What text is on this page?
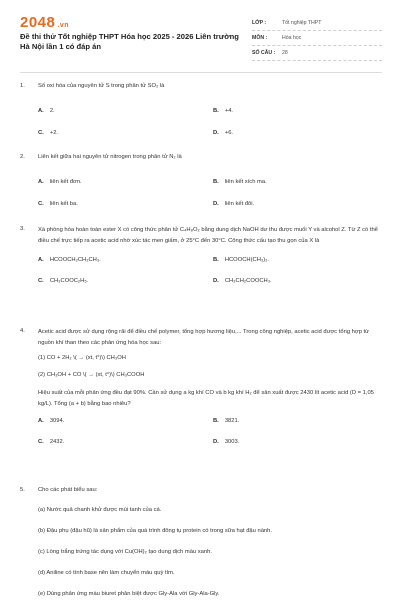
2048 .vn
Đề thi thử Tốt nghiệp THPT Hóa học 2025 - 2026 Liên trường Hà Nội lần 1 có đáp án
LỚP :	Tốt nghiệp THPT
MÔN :	Hóa học
SỐ CÂU :	28
1.	Số oxi hóa của nguyên tử S trong phân tử SO₂ là
A. 2.	B. +4.
C. +2.	D. +6.
2.	Liên kết giữa hai nguyên tử nitrogen trong phân tử N₂ là
A. liên kết đơn.	B. liên kết xích ma.
C. liên kết ba.	D. liên kết đôi.
3.	Xà phòng hóa hoàn toàn ester X có công thức phân tử C₄H₈O₂ bằng dung dịch NaOH dư thu được muối Y và alcohol Z. Từ Z có thể điều chế trực tiếp ra acetic acid nhờ xúc tác men giấm, ở 25°C đến 30°C. Công thức cấu tạo thu gọn của X là
A. HCOOCH₂CH₂CH₃.	B. HCOOCH(CH₃)₂.
C. CH₃COOC₂H₅.	D. CH₃CH₂COOCH₃.
4.	Acetic acid được sử dụng rộng rãi để điều chế polymer, tổng hợp hương liệu,... Trong công nghiệp, acetic acid được tổng hợp từ nguồn khí than theo các phản ứng hóa học sau:
(1) CO + 2H₂ \( → (xt, t°)\) CH₃OH
(2) CH₃OH + CO \( → (xt, t°)\) CH₃COOH
Hiệu suất của mỗi phản ứng đều đạt 90%. Cần sử dụng a kg khí CO và b kg khí H₂ để sản xuất được 2430 lít acetic acid (D = 1,05 kg/L). Tổng (a + b) bằng bao nhiêu?
A. 3094.	B. 3821.
C. 2432.	D. 3003.
5.	Cho các phát biểu sau:
(a) Nước quả chanh khử được mùi tanh của cá.
(b) Đậu phụ (đậu hũ) là sản phẩm của quá trình đông tụ protein có trong sữa hạt đậu nành.
(c) Lòng trắng trứng tác dụng với Cu(OH)₂ tạo dung dịch màu xanh.
(d) Aniline có tính base nên làm chuyển màu quỳ tím.
(e) Dùng phản ứng màu biuret phân biệt được Gly-Ala với Gly-Ala-Gly.
